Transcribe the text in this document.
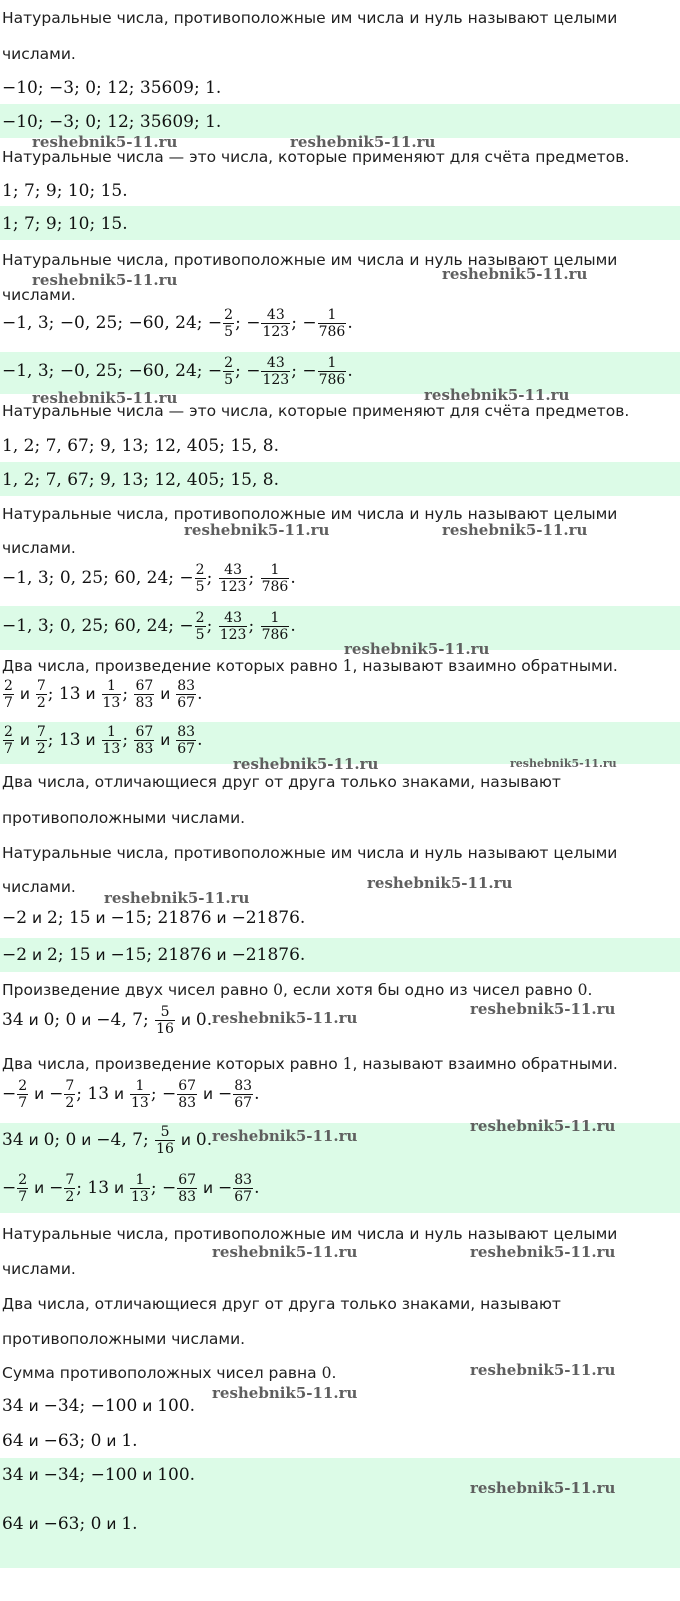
Натуральные числа, противоположные им числа и нуль называют целыми
числами.
−10; −3; 0; 12; 35609; 1.
−10; −3; 0; 12; 35609; 1.
Натуральные числа — это числа, которые применяют для счёта предметов.
1; 7; 9; 10; 15.
1; 7; 9; 10; 15.
Натуральные числа, противоположные им числа и нуль называют целыми
числами.
−1, 3; −0, 25; −60, 24; − $\frac{2}{5}$ ; − $\frac{43}{123}$ ; − $\frac{1}{786}$ .
−1, 3; −0, 25; −60, 24; − $\frac{2}{5}$ ; − $\frac{43}{123}$ ; − $\frac{1}{786}$ .
Натуральные числа — это числа, которые применяют для счёта предметов.
1, 2; 7, 67; 9, 13; 12, 405; 15, 8.
1, 2; 7, 67; 9, 13; 12, 405; 15, 8.
Натуральные числа, противоположные им числа и нуль называют целыми
числами.
−1, 3; 0, 25; 60, 24; − $\frac{2}{5}$ ; $\frac{43}{123}$ ; $\frac{1}{786}$ .
−1, 3; 0, 25; 60, 24; − $\frac{2}{5}$ ; $\frac{43}{123}$ ; $\frac{1}{786}$ .
Два числа, произведение которых равно 1, называют взаимно обратными.
$\frac{2}{7}$ и $\frac{7}{2}$ ; 13 и $\frac{1}{13}$ ; $\frac{67}{83}$ и $\frac{83}{67}$ .
$\frac{2}{7}$ и $\frac{7}{2}$ ; 13 и $\frac{1}{13}$ ; $\frac{67}{83}$ и $\frac{83}{67}$ .
Два числа, отличающиеся друг от друга только знаками, называют
противоположными числами.
Натуральные числа, противоположные им числа и нуль называют целыми
числами.
−2 и 2; 15 и −15; 21876 и −21876.
−2 и 2; 15 и −15; 21876 и −21876.
Произведение двух чисел равно 0, если хотя бы одно из чисел равно 0.
34 и 0; 0 и −4, 7; $\frac{5}{16}$ и 0.
Два числа, произведение которых равно 1, называют взаимно обратными.
− $\frac{2}{7}$ $и - \frac{7}{2}$ ; 13 и $\frac{1}{13}$ ; − $\frac{67}{83}$ $и - \frac{83}{67}$ .
34 и 0; 0 и −4, 7; $\frac{5}{16}$ и 0.
− $\frac{2}{7}$ $и - \frac{7}{2}$ ; 13 и $\frac{1}{13}$ ; − $\frac{67}{83}$ $и - \frac{83}{67}$ .
Натуральные числа, противоположные им числа и нуль называют целыми
числами.
Два числа, отличающиеся друг от друга только знаками, называют
противоположными числами.
Сумма противоположных чисел равна 0.
34 и −34; −100 и 100.
64 и −63; 0 и 1.
34 и −34; −100 и 100.
64 и −63; 0 и 1.
reshebnik5-11.ru	reshebnik5-11.ru
reshebnik5-11.ru	reshebnik5-11.ru
reshebnik5-11.ru	reshebnik5-11.ru
reshebnik5-11.ru	reshebnik5-11.ru
reshebnik5-11.ru
reshebnik5-11.ru	reshebnik5-11.ru
reshebnik5-11.ru
reshebnik5-11.ru
reshebnik5-11.ru	reshebnik5-11.ru
reshebnik5-11.ru
reshebnik5-11.ru
reshebnik5-11.ru	reshebnik5-11.ru
reshebnik5-11.ru
reshebnik5-11.ru
reshebnik5-11.ru
